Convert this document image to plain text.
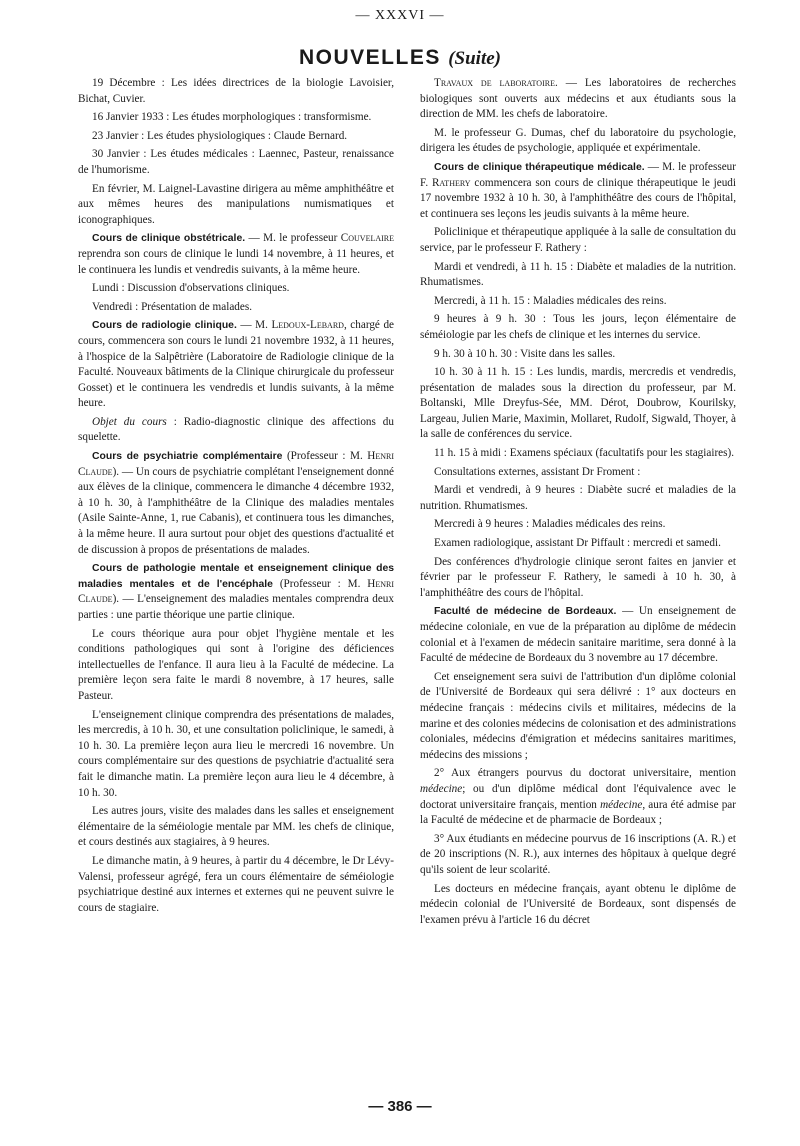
— XXXVI —
NOUVELLES (Suite)

19 Décembre : Les idées directrices de la biologie Lavoisier, Bichat, Cuvier.

16 Janvier 1933 : Les études morphologiques : transformisme.

23 Janvier : Les études physiologiques : Claude Bernard.

30 Janvier : Les études médicales : Laennec, Pasteur, renaissance de l'humorisme.

En février, M. Laignel-Lavastine dirigera au même amphithéâtre et aux mêmes heures des manipulations numismatiques et iconographiques.

Cours de clinique obstétricale. — M. le professeur Couvelaire reprendra son cours de clinique le lundi 14 novembre, à 11 heures, et le continuera les lundis et vendredis suivants, à la même heure.

Lundi : Discussion d'observations cliniques.

Vendredi : Présentation de malades.

Cours de radiologie clinique. — M. Ledoux-Lebard, chargé de cours, commencera son cours le lundi 21 novembre 1932, à 11 heures, à l'hospice de la Salpêtrière (Laboratoire de Radiologie clinique de la Faculté. Nouveaux bâtiments de la Clinique chirurgicale du professeur Gosset) et le continuera les vendredis et lundis suivants, à la même heure.

Objet du cours : Radio-diagnostic clinique des affections du squelette.

Cours de psychiatrie complémentaire (Professeur : M. Henri Claude). — Un cours de psychiatrie complétant l'enseignement donné aux élèves de la clinique, commencera le dimanche 4 décembre 1932, à 10 h. 30, à l'amphithéâtre de la Clinique des maladies mentales (Asile Sainte-Anne, 1, rue Cabanis), et continuera tous les dimanches, à la même heure. Il aura surtout pour objet des questions d'actualité et de discussion à propos de présentations de malades.

Cours de pathologie mentale et enseignement clinique des maladies mentales et de l'encéphale (Professeur : M. Henri Claude). — L'enseignement des maladies mentales comprendra deux parties : une partie théorique une partie clinique.

Le cours théorique aura pour objet l'hygiène mentale et les conditions pathologiques qui sont à l'origine des déficiences intellectuelles de l'enfance. Il aura lieu à la Faculté de médecine. La première leçon sera faite le mardi 8 novembre, à 17 heures, salle Pasteur.

L'enseignement clinique comprendra des présentations de malades, les mercredis, à 10 h. 30, et une consultation policlinique, le samedi, à 10 h. 30. La première leçon aura lieu le mercredi 16 novembre. Un cours complémentaire sur des questions de psychiatrie d'actualité sera fait le dimanche matin. La première leçon aura lieu le 4 décembre, à 10 h. 30.

Les autres jours, visite des malades dans les salles et enseignement élémentaire de la séméiologie mentale par MM. les chefs de clinique, et cours destinés aux stagiaires, à 9 heures.

Le dimanche matin, à 9 heures, à partir du 4 décembre, le Dr Lévy-Valensi, professeur agrégé, fera un cours élémentaire de séméiologie psychiatrique destiné aux internes et externes qui ne peuvent suivre le cours de stagiaire.

Travaux de laboratoire. — Les laboratoires de recherches biologiques sont ouverts aux médecins et aux étudiants sous la direction de MM. les chefs de laboratoire.

M. le professeur G. Dumas, chef du laboratoire du psychologie, dirigera les études de psychologie, appliquée et expérimentale.

Cours de clinique thérapeutique médicale. — M. le professeur F. Rathery commencera son cours de clinique thérapeutique le jeudi 17 novembre 1932 à 10 h. 30, à l'amphithéâtre des cours de l'hôpital, et continuera ses leçons les jeudis suivants à la même heure.

Policlinique et thérapeutique appliquée à la salle de consultation du service, par le professeur F. Rathery :

Mardi et vendredi, à 11 h. 15 : Diabète et maladies de la nutrition. Rhumatismes.

Mercredi, à 11 h. 15 : Maladies médicales des reins.

9 heures à 9 h. 30 : Tous les jours, leçon élémentaire de séméiologie par les chefs de clinique et les internes du service.

9 h. 30 à 10 h. 30 : Visite dans les salles.

10 h. 30 à 11 h. 15 : Les lundis, mardis, mercredis et vendredis, présentation de malades sous la direction du professeur, par M. Boltanski, Mlle Dreyfus-Sée, MM. Dérot, Doubrow, Kourilsky, Largeau, Julien Marie, Maximin, Mollaret, Rudolf, Sigwald, Thoyer, à la salle de conférences du service.

11 h. 15 à midi : Examens spéciaux (facultatifs pour les stagiaires).

Consultations externes, assistant Dr Froment :

Mardi et vendredi, à 9 heures : Diabète sucré et maladies de la nutrition. Rhumatismes.

Mercredi à 9 heures : Maladies médicales des reins.

Examen radiologique, assistant Dr Piffault : mercredi et samedi.

Des conférences d'hydrologie clinique seront faites en janvier et février par le professeur F. Rathery, le samedi à 10 h. 30, à l'amphithéâtre des cours de l'hôpital.

Faculté de médecine de Bordeaux. — Un enseignement de médecine coloniale, en vue de la préparation au diplôme de médecin colonial et à l'examen de médecin sanitaire maritime, sera donné à la Faculté de médecine de Bordeaux du 3 novembre au 17 décembre.

Cet enseignement sera suivi de l'attribution d'un diplôme colonial de l'Université de Bordeaux qui sera délivré : 1° aux docteurs en médecine français : médecins civils et militaires, médecins de la marine et des colonies médecins de colonisation et des administrations coloniales, médecins d'émigration et médecins sanitaires maritimes, médecins des missions ;

2° Aux étrangers pourvus du doctorat universitaire, mention médecine; ou d'un diplôme médical dont l'équivalence avec le doctorat universitaire français, mention médecine, aura été admise par la Faculté de médecine et de pharmacie de Bordeaux ;

3° Aux étudiants en médecine pourvus de 16 inscriptions (A. R.) et de 20 inscriptions (N. R.), aux internes des hôpitaux à quelque degré qu'ils soient de leur scolarité.

Les docteurs en médecine français, ayant obtenu le diplôme de médecin colonial de l'Université de Bordeaux, sont dispensés de l'examen prévu à l'article 16 du décret

— 386 —
